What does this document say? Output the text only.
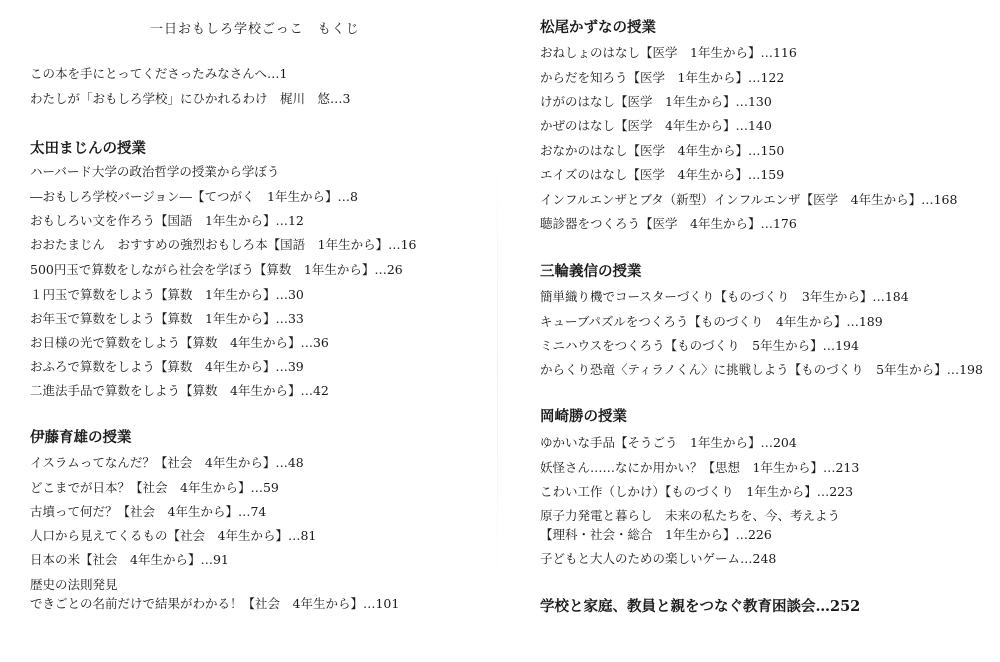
一日おもしろ学校ごっこ　もくじ
この本を手にとってくださったみなさんへ…1
わたしが「おもしろ学校」にひかれるわけ　梶川　悠…3
太田まじんの授業
ハーバード大学の政治哲学の授業から学ぼう
―おもしろ学校バージョン―【てつがく　1年生から】…8
おもしろい文を作ろう【国語　1年生から】…12
おおたまじん　おすすめの強烈おもしろ本【国語　1年生から】…16
500円玉で算数をしながら社会を学ぼう【算数　1年生から】…26
１円玉で算数をしよう【算数　1年生から】…30
お年玉で算数をしよう【算数　1年生から】…33
お日様の光で算数をしよう【算数　4年生から】…36
おふろで算数をしよう【算数　4年生から】…39
二進法手品で算数をしよう【算数　4年生から】…42
伊藤育雄の授業
イスラムってなんだ？【社会　4年生から】…48
どこまでが日本？【社会　4年生から】…59
古墳って何だ？【社会　4年生から】…74
人口から見えてくるもの【社会　4年生から】…81
日本の米【社会　4年生から】…91
歴史の法則発見
できごとの名前だけで結果がわかる！【社会　4年生から】…101
松尾かずなの授業
おねしょのはなし【医学　1年生から】…116
からだを知ろう【医学　1年生から】…122
けがのはなし【医学　1年生から】…130
かぜのはなし【医学　4年生から】…140
おなかのはなし【医学　4年生から】…150
エイズのはなし【医学　4年生から】…159
インフルエンザとブタ（新型）インフルエンザ【医学　4年生から】…168
聴診器をつくろう【医学　4年生から】…176
三輪義信の授業
簡単織り機でコースターづくり【ものづくり　3年生から】…184
キューブパズルをつくろう【ものづくり　4年生から】…189
ミニハウスをつくろう【ものづくり　5年生から】…194
からくり恐竜〈ティラノくん〉に挑戦しよう【ものづくり　5年生から】…198
岡崎勝の授業
ゆかいな手品【そうごう　1年生から】…204
妖怪さん……なにか用かい？【思想　1年生から】…213
こわい工作（しかけ）【ものづくり　1年生から】…223
原子力発電と暮らし　未来の私たちを、今、考えよう
【理科・社会・総合　1年生から】…226
子どもと大人のための楽しいゲーム…248
学校と家庭、教員と親をつなぐ教育困談会…252
